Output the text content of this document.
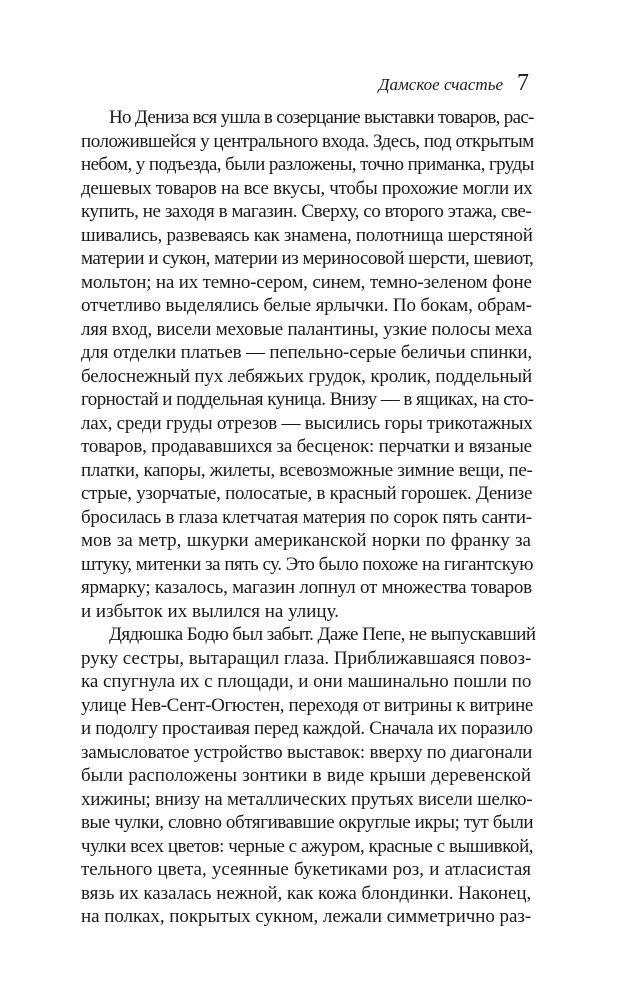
Дамское счастье 7
Но Дениза вся ушла в созерцание выставки товаров, рас-
положившейся у центрального входа. Здесь, под открытым
небом, у подъезда, были разложены, точно приманка, груды
дешевых товаров на все вкусы, чтобы прохожие могли их
купить, не заходя в магазин. Сверху, со второго этажа, све-
шивались, развеваясь как знамена, полотнища шерстяной
материи и сукон, материи из мериносовой шерсти, шевиот,
мольтон; на их темно-сером, синем, темно-зеленом фоне
отчетливо выделялись белые ярлычки. По бокам, обрам-
ляя вход, висели меховые палантины, узкие полосы меха
для отделки платьев — пепельно-серые беличьи спинки,
белоснежный пух лебяжьих грудок, кролик, поддельный
горностай и поддельная куница. Внизу — в ящиках, на сто-
лах, среди груды отрезов — высились горы трикотажных
товаров, продававшихся за бесценок: перчатки и вязаные
платки, капоры, жилеты, всевозможные зимние вещи, пе-
стрые, узорчатые, полосатые, в красный горошек. Денизе
бросилась в глаза клетчатая материя по сорок пять санти-
мов за метр, шкурки американской норки по франку за
штуку, митенки за пять су. Это было похоже на гигантскую
ярмарку; казалось, магазин лопнул от множества товаров
и избыток их вылился на улицу.
Дядюшка Бодю был забыт. Даже Пепе, не выпускавший
руку сестры, вытаращил глаза. Приближавшаяся повоз-
ка спугнула их с площади, и они машинально пошли по
улице Нев-Сент-Огюстен, переходя от витрины к витрине
и подолгу простаивая перед каждой. Сначала их поразило
замысловатое устройство выставок: вверху по диагонали
были расположены зонтики в виде крыши деревенской
хижины; внизу на металлических прутьях висели шелко-
вые чулки, словно обтягивавшие округлые икры; тут были
чулки всех цветов: черные с ажуром, красные с вышивкой,
тельного цвета, усеянные букетиками роз, и атласистая
вязь их казалась нежной, как кожа блондинки. Наконец,
на полках, покрытых сукном, лежали симметрично раз-
